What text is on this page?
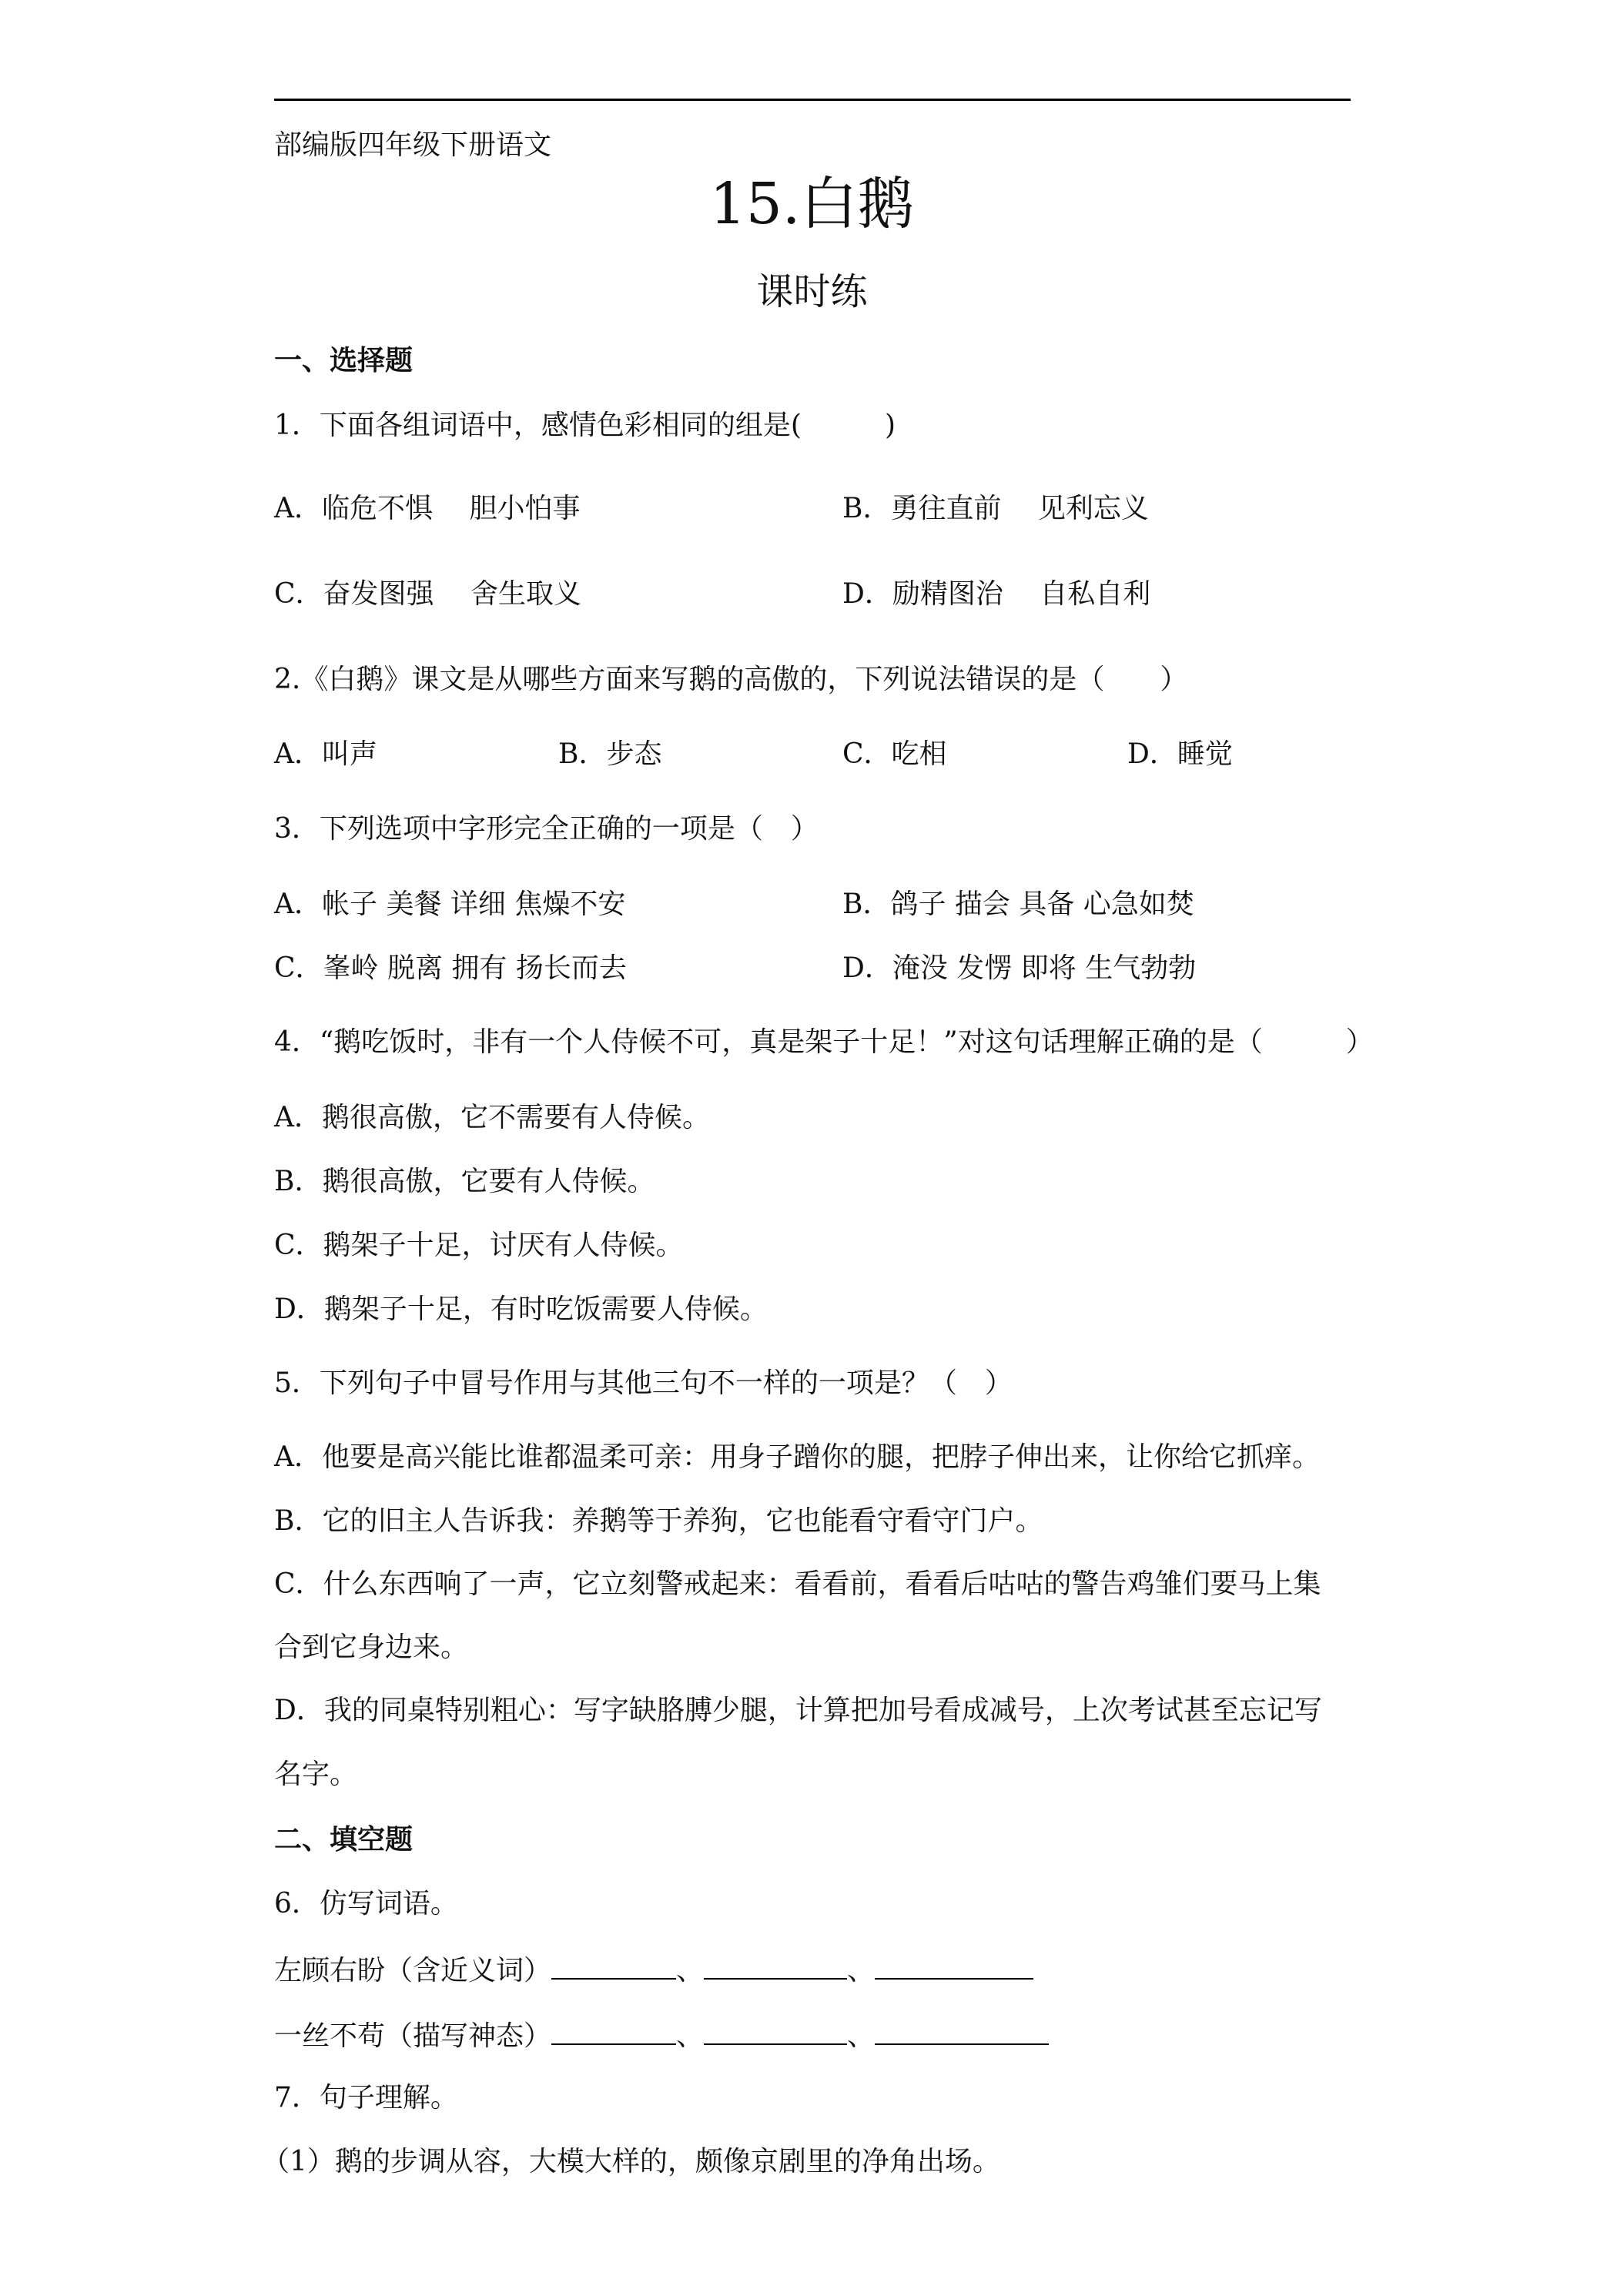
部编版四年级下册语文
15.白鹅
课时练
一、选择题
1．下面各组词语中，感情色彩相同的组是(　　　)
A．临危不惧　 胆小怕事	B．勇往直前　 见利忘义
C．奋发图强　 舍生取义	D．励精图治　 自私自利
2.《白鹅》课文是从哪些方面来写鹅的高傲的，下列说法错误的是（　　）
A．叫声	B．步态	C．吃相	D．睡觉
3．下列选项中字形完全正确的一项是（　）
A．帐子 美餐 详细 焦燥不安	B．鸽子 描会 具备 心急如焚
C．峯岭 脱离 拥有 扬长而去	D．淹没 发愣 即将 生气勃勃
4．“鹅吃饭时，非有一个人侍候不可，真是架子十足！”对这句话理解正确的是（　　　）
A．鹅很高傲，它不需要有人侍候。
B．鹅很高傲，它要有人侍候。
C．鹅架子十足，讨厌有人侍候。
D．鹅架子十足，有时吃饭需要人侍候。
5．下列句子中冒号作用与其他三句不一样的一项是？（　）
A．他要是高兴能比谁都温柔可亲：用身子蹭你的腿，把脖子伸出来，让你给它抓痒。
B．它的旧主人告诉我：养鹅等于养狗，它也能看守看守门户。
C．什么东西响了一声，它立刻警戒起来：看看前，看看后咕咕的警告鸡雏们要马上集
合到它身边来。
D．我的同桌特别粗心：写字缺胳膊少腿，计算把加号看成减号，上次考试甚至忘记写
名字。
二、填空题
6．仿写词语。
左顾右盼（含近义词）	、	、
一丝不苟（描写神态）	、	、
7．句子理解。
（1）鹅的步调从容，大模大样的，颇像京剧里的净角出场。
